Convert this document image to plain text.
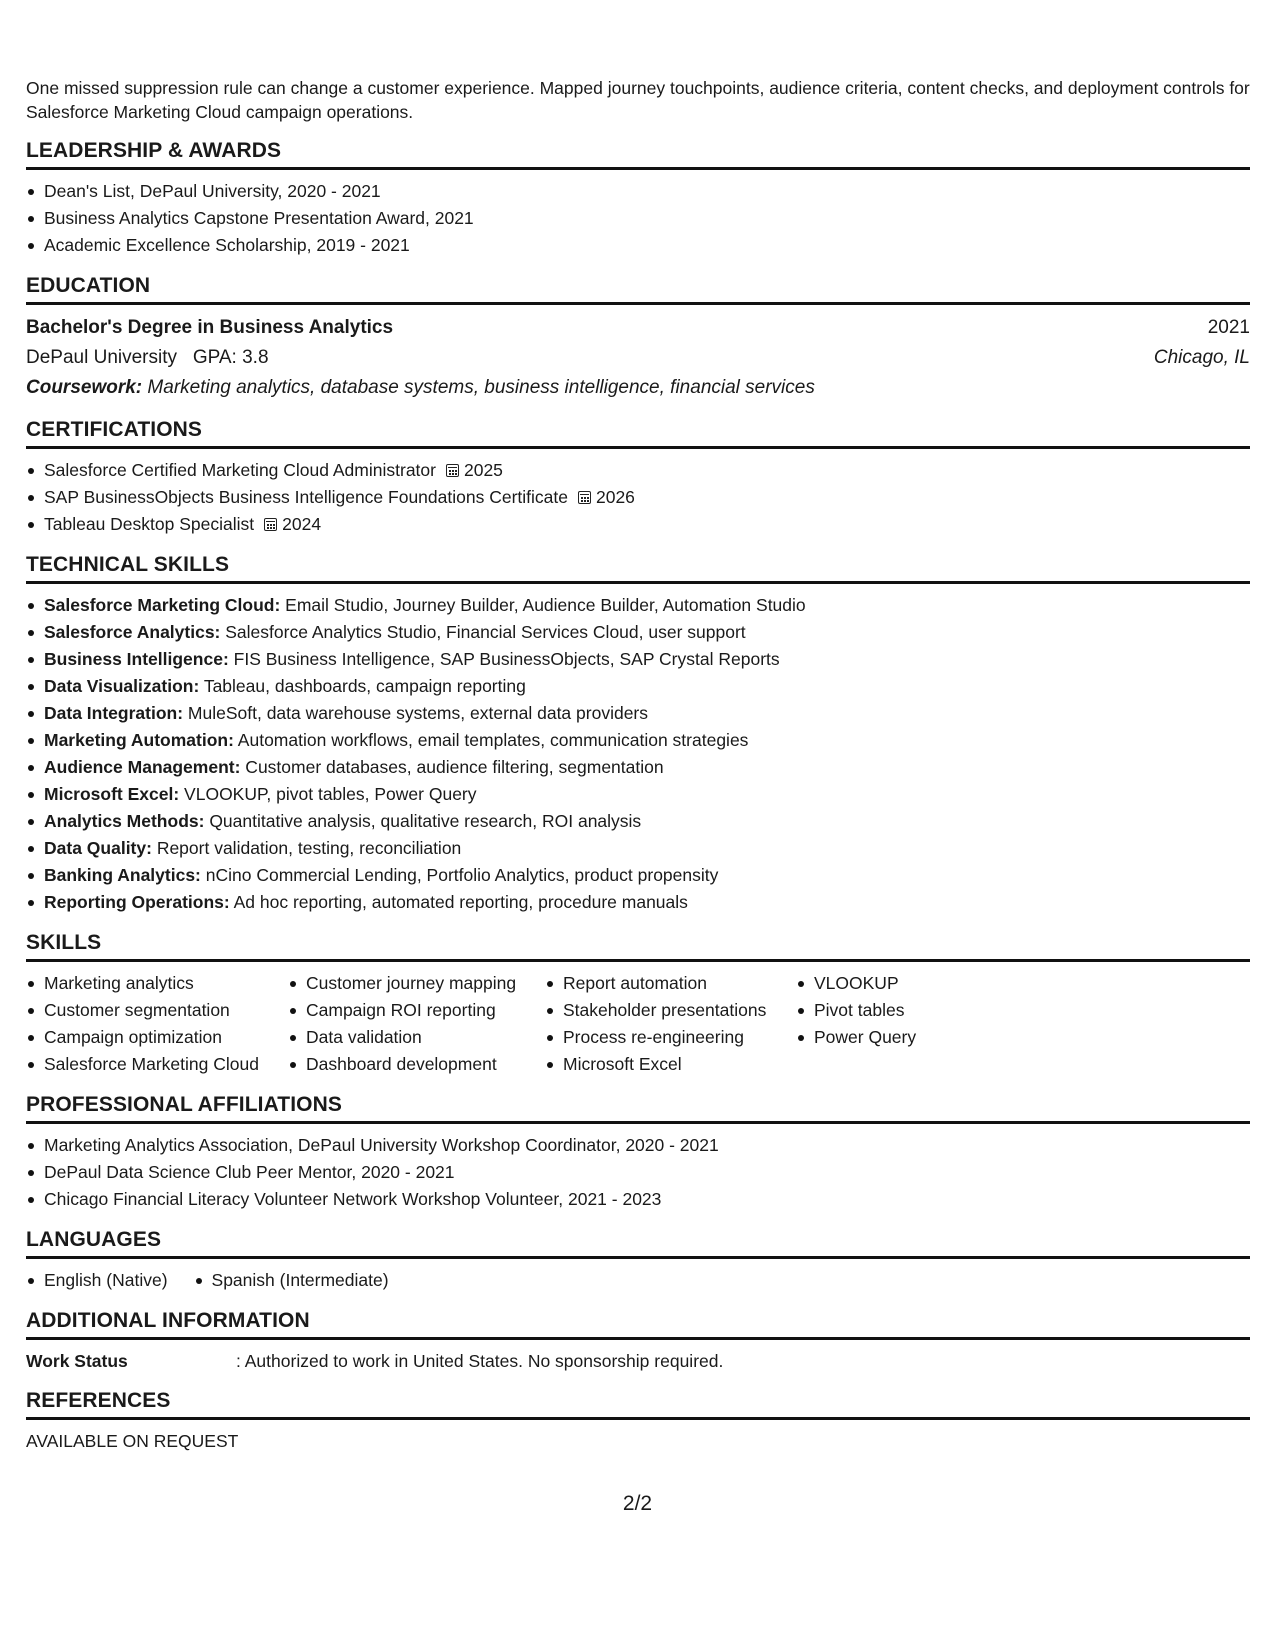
One missed suppression rule can change a customer experience. Mapped journey touchpoints, audience criteria, content checks, and deployment controls for Salesforce Marketing Cloud campaign operations.

LEADERSHIP & AWARDS
Dean's List, DePaul University, 2020 - 2021
Business Analytics Capstone Presentation Award, 2021
Academic Excellence Scholarship, 2019 - 2021
EDUCATION
Bachelor's Degree in Business Analytics	2021
DePaul University GPA: 3.8	Chicago, IL
Coursework: Marketing analytics, database systems, business intelligence, financial services
CERTIFICATIONS
Salesforce Certified Marketing Cloud Administrator 2025
SAP BusinessObjects Business Intelligence Foundations Certificate 2026
Tableau Desktop Specialist 2024
TECHNICAL SKILLS
Salesforce Marketing Cloud: Email Studio, Journey Builder, Audience Builder, Automation Studio
Salesforce Analytics: Salesforce Analytics Studio, Financial Services Cloud, user support
Business Intelligence: FIS Business Intelligence, SAP BusinessObjects, SAP Crystal Reports
Data Visualization: Tableau, dashboards, campaign reporting
Data Integration: MuleSoft, data warehouse systems, external data providers
Marketing Automation: Automation workflows, email templates, communication strategies
Audience Management: Customer databases, audience filtering, segmentation
Microsoft Excel: VLOOKUP, pivot tables, Power Query
Analytics Methods: Quantitative analysis, qualitative research, ROI analysis
Data Quality: Report validation, testing, reconciliation
Banking Analytics: nCino Commercial Lending, Portfolio Analytics, product propensity
Reporting Operations: Ad hoc reporting, automated reporting, procedure manuals
SKILLS
Marketing analytics
Customer segmentation
Campaign optimization
Salesforce Marketing Cloud
Customer journey mapping
Campaign ROI reporting
Data validation
Dashboard development
Report automation
Stakeholder presentations
Process re-engineering
Microsoft Excel
VLOOKUP
Pivot tables
Power Query
PROFESSIONAL AFFILIATIONS
Marketing Analytics Association, DePaul University Workshop Coordinator, 2020 - 2021
DePaul Data Science Club Peer Mentor, 2020 - 2021
Chicago Financial Literacy Volunteer Network Workshop Volunteer, 2021 - 2023
LANGUAGES
English (Native)	Spanish (Intermediate)
ADDITIONAL INFORMATION
Work Status	: Authorized to work in United States. No sponsorship required.
REFERENCES
AVAILABLE ON REQUEST
2/2
